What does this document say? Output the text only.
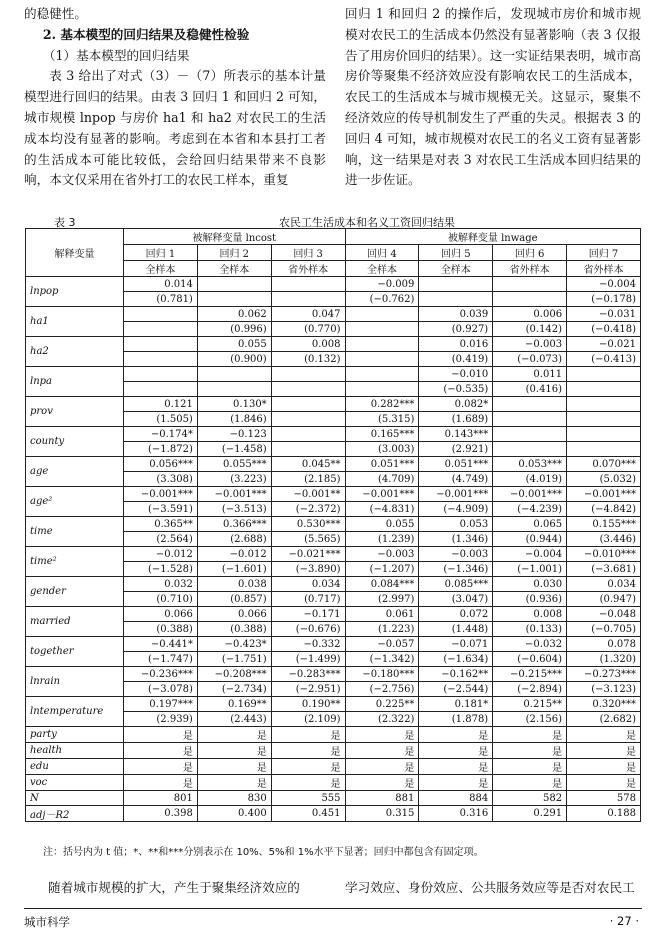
的稳健性。

2. 基本模型的回归结果及稳健性检验

（1）基本模型的回归结果

表 3 给出了对式（3）－（7）所表示的基本计量模型进行回归的结果。由表 3 回归 1 和回归 2 可知，城市规模 lnpop 与房价 ha1 和 ha2 对农民工的生活成本均没有显著的影响。考虑到在本省和本县打工者的生活成本可能比较低，会给回归结果带来不良影响，本文仅采用在省外打工的农民工样本，重复

回归 1 和回归 2 的操作后，发现城市房价和城市规模对农民工的生活成本仍然没有显著影响（表 3 仅报告了用房价回归的结果）。这一实证结果表明，城市高房价等聚集不经济效应没有影响农民工的生活成本，农民工的生活成本与城市规模无关。这显示，聚集不经济效应的传导机制发生了严重的失灵。根据表 3 的回归 4 可知，城市规模对农民工的名义工资有显著影响，这一结果是对表 3 对农民工生活成本回归结果的进一步佐证。

表 3	农民工生活成本和名义工资回归结果
解释变量	被解释变量 lncost			被解释变量 lnwage			
	回归 1	回归 2	回归 3	回归 4	回归 5	回归 6	回归 7
	全样本	全样本	省外样本	全样本	全样本	省外样本	省外样本
lnpop	0.014			−0.009			−0.004
	(0.781)			(−0.762)			(−0.178)
ha1		0.062	0.047		0.039	0.006	−0.031
		(0.996)	(0.770)		(0.927)	(0.142)	(−0.418)
ha2		0.055	0.008		0.016	−0.003	−0.021
		(0.900)	(0.132)		(0.419)	(−0.073)	(−0.413)
lnpa					−0.010	0.011	
					(−0.535)	(0.416)	
prov	0.121	0.130*		0.282***	0.082*		
	(1.505)	(1.846)		(5.315)	(1.689)		
county	−0.174*	−0.123		0.165***	0.143***		
	(−1.872)	(−1.458)		(3.003)	(2.921)		
age	0.056***	0.055***	0.045**	0.051***	0.051***	0.053***	0.070***
	(3.308)	(3.223)	(2.185)	(4.709)	(4.749)	(4.019)	(5.032)
age²	−0.001***	−0.001***	−0.001**	−0.001***	−0.001***	−0.001***	−0.001***
	(−3.591)	(−3.513)	(−2.372)	(−4.831)	(−4.909)	(−4.239)	(−4.842)
time	0.365**	0.366***	0.530***	0.055	0.053	0.065	0.155***
	(2.564)	(2.688)	(5.565)	(1.239)	(1.346)	(0.944)	(3.446)
time²	−0.012	−0.012	−0.021***	−0.003	−0.003	−0.004	−0.010***
	(−1.528)	(−1.601)	(−3.890)	(−1.207)	(−1.346)	(−1.001)	(−3.681)
gender	0.032	0.038	0.034	0.084***	0.085***	0.030	0.034
	(0.710)	(0.857)	(0.717)	(2.997)	(3.047)	(0.936)	(0.947)
married	0.066	0.066	−0.171	0.061	0.072	0.008	−0.048
	(0.388)	(0.388)	(−0.676)	(1.223)	(1.448)	(0.133)	(−0.705)
together	−0.441*	−0.423*	−0.332	−0.057	−0.071	−0.032	0.078
	(−1.747)	(−1.751)	(−1.499)	(−1.342)	(−1.634)	(−0.604)	(1.320)
lnrain	−0.236***	−0.208***	−0.283***	−0.180***	−0.162**	−0.215***	−0.273***
	(−3.078)	(−2.734)	(−2.951)	(−2.756)	(−2.544)	(−2.894)	(−3.123)
lntemperature	0.197***	0.169**	0.190**	0.225**	0.181*	0.215**	0.320***
	(2.939)	(2.443)	(2.109)	(2.322)	(1.878)	(2.156)	(2.682)
party	是	是	是	是	是	是	是
health	是	是	是	是	是	是	是
edu	是	是	是	是	是	是	是
voc	是	是	是	是	是	是	是
N	801	830	555	881	884	582	578
adj－R2	0.398	0.400	0.451	0.315	0.316	0.291	0.188
注：括号内为 t 值；*、**和***分别表示在 10%、5%和 1%水平下显著；回归中都包含有固定项。
随着城市规模的扩大，产生于聚集经济效应的	学习效应、身份效应、公共服务效应等是否对农民工
城市科学	· 27 ·
